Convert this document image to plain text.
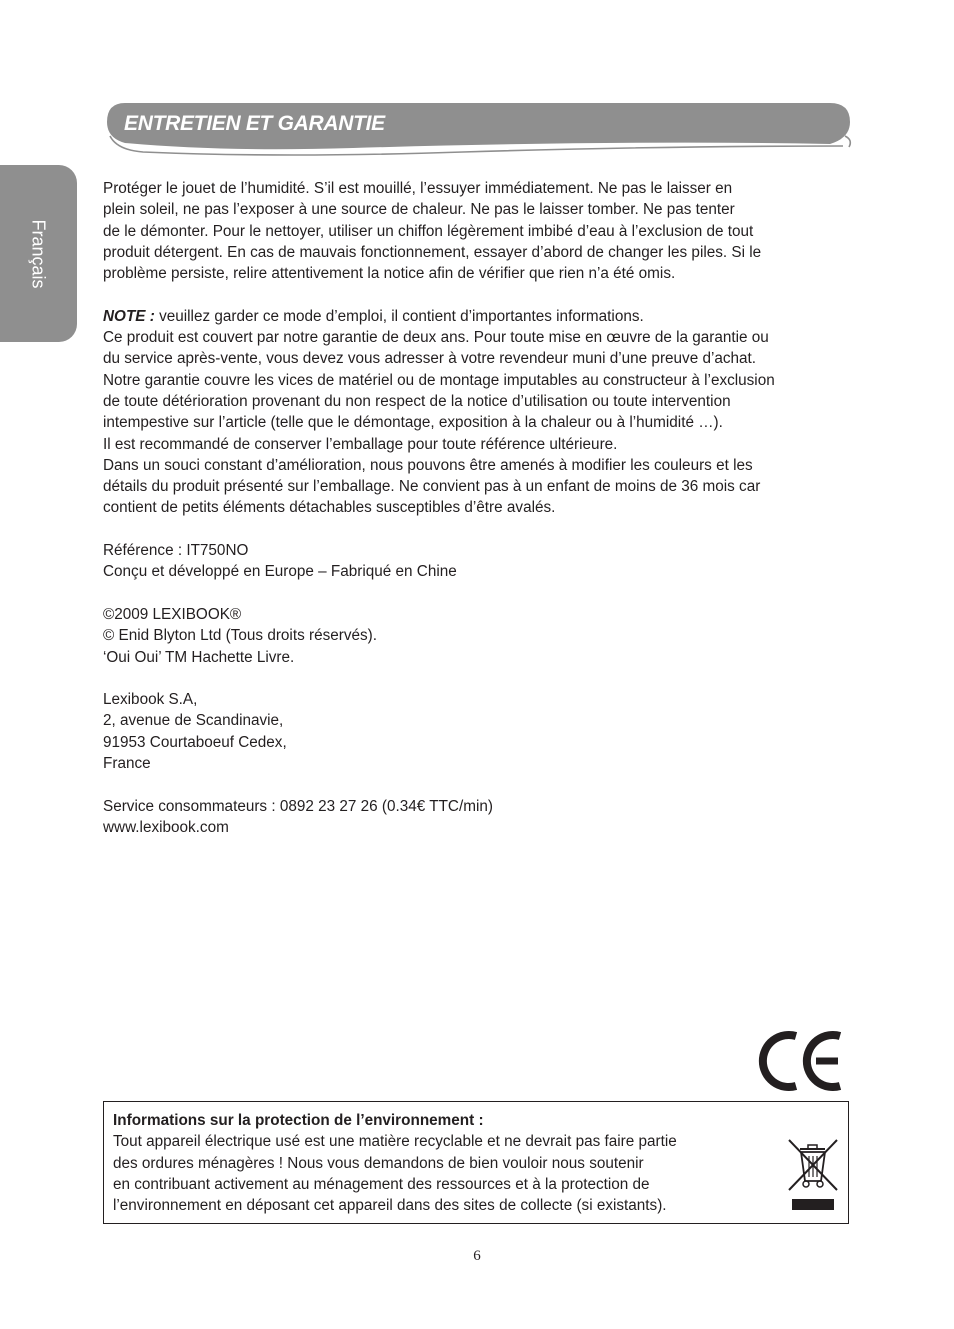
Français
ENTRETIEN ET GARANTIE

Protéger le jouet de l’humidité. S’il est mouillé, l’essuyer immédiatement. Ne pas le laisser en
plein soleil, ne pas l’exposer à une source de chaleur. Ne pas le laisser tomber. Ne pas tenter
de le démonter. Pour le nettoyer, utiliser un chiffon légèrement imbibé d’eau à l’exclusion de tout
produit détergent. En cas de mauvais fonctionnement, essayer d’abord de changer les piles. Si le
problème persiste, relire attentivement la notice afin de vérifier que rien n’a été omis.

NOTE : veuillez garder ce mode d’emploi, il contient d’importantes informations.
Ce produit est couvert par notre garantie de deux ans. Pour toute mise en œuvre de la garantie ou
du service après-vente, vous devez vous adresser à votre revendeur muni d’une preuve d’achat.
Notre garantie couvre les vices de matériel ou de montage imputables au constructeur à l’exclusion
de toute détérioration provenant du non respect de la notice d’utilisation ou toute intervention
intempestive sur l’article (telle que le démontage, exposition à la chaleur ou à l’humidité …).
Il est recommandé de conserver l’emballage pour toute référence ultérieure.
Dans un souci constant d’amélioration, nous pouvons être amenés à modifier les couleurs et les
détails du produit présenté sur l’emballage. Ne convient pas à un enfant de moins de 36 mois car
contient de petits éléments détachables susceptibles d’être avalés.

Référence : IT750NO
Conçu et développé en Europe – Fabriqué en Chine

©2009 LEXIBOOK®
© Enid Blyton Ltd (Tous droits réservés).
‘Oui Oui’ TM Hachette Livre.

Lexibook S.A,
2, avenue de Scandinavie,
91953 Courtaboeuf Cedex,
France

Service consommateurs : 0892 23 27 26 (0.34€ TTC/min)
www.lexibook.com

Informations sur la protection de l’environnement :
Tout appareil électrique usé est une matière recyclable et ne devrait pas faire partie
des ordures ménagères ! Nous vous demandons de bien vouloir nous soutenir
en contribuant activement au ménagement des ressources et à la protection de
l’environnement en déposant cet appareil dans des sites de collecte (si existants).
6
